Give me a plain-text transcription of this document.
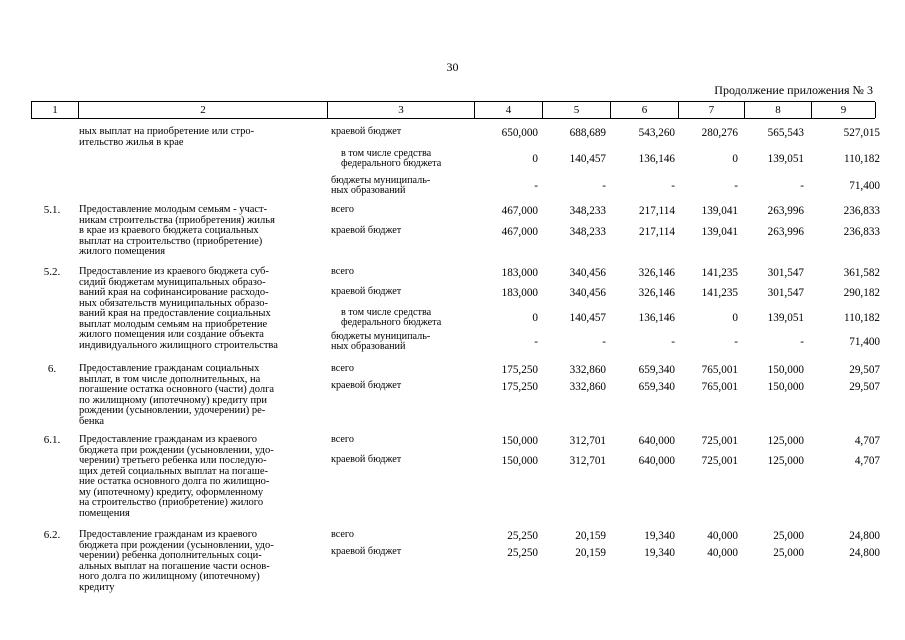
30
Продолжение приложения № 3
1	2	3	4	5	6	7	8	9
ных выплат на приобретение или стро-
ительство жилья в крае
краевой бюджет	650,000	688,689	543,260	280,276	565,543	527,015
в том числе средства
федерального бюджета	0	140,457	136,146	0	139,051	110,182
бюджеты муниципаль-
ных образований	-	-	-	-	-	71,400
5.1.	Предоставление молодым семьям - участ-
никам строительства (приобретения) жилья
в крае из краевого бюджета социальных
выплат на строительство (приобретение)
жилого помещения
всего	467,000	348,233	217,114	139,041	263,996	236,833
краевой бюджет	467,000	348,233	217,114	139,041	263,996	236,833
5.2.	Предоставление из краевого бюджета суб-
сидий бюджетам муниципальных образо-
ваний края на софинансирование расходо-
ных обязательств муниципальных образо-
ваний края на предоставление социальных
выплат молодым семьям на приобретение
жилого помещения или создание объекта
индивидуального жилищного строительства
всего	183,000	340,456	326,146	141,235	301,547	361,582
краевой бюджет	183,000	340,456	326,146	141,235	301,547	290,182
в том числе средства
федерального бюджета	0	140,457	136,146	0	139,051	110,182
бюджеты муниципаль-
ных образований	-	-	-	-	-	71,400
6.	Предоставление гражданам социальных
выплат, в том числе дополнительных, на
погашение остатка основного (части) долга
по жилищному (ипотечному) кредиту при
рождении (усыновлении, удочерении) ре-
бенка
всего	175,250	332,860	659,340	765,001	150,000	29,507
краевой бюджет	175,250	332,860	659,340	765,001	150,000	29,507
6.1.	Предоставление гражданам из краевого
бюджета при рождении (усыновлении, удо-
черении) третьего ребенка или последую-
щих детей социальных выплат на погаше-
ние остатка основного долга по жилищно-
му (ипотечному) кредиту, оформленному
на строительство (приобретение) жилого
помещения
всего	150,000	312,701	640,000	725,001	125,000	4,707
краевой бюджет	150,000	312,701	640,000	725,001	125,000	4,707
6.2.	Предоставление гражданам из краевого
бюджета при рождении (усыновлении, удо-
черении) ребенка дополнительных соци-
альных выплат на погашение части основ-
ного долга по жилищному (ипотечному)
кредиту
всего	25,250	20,159	19,340	40,000	25,000	24,800
краевой бюджет	25,250	20,159	19,340	40,000	25,000	24,800
